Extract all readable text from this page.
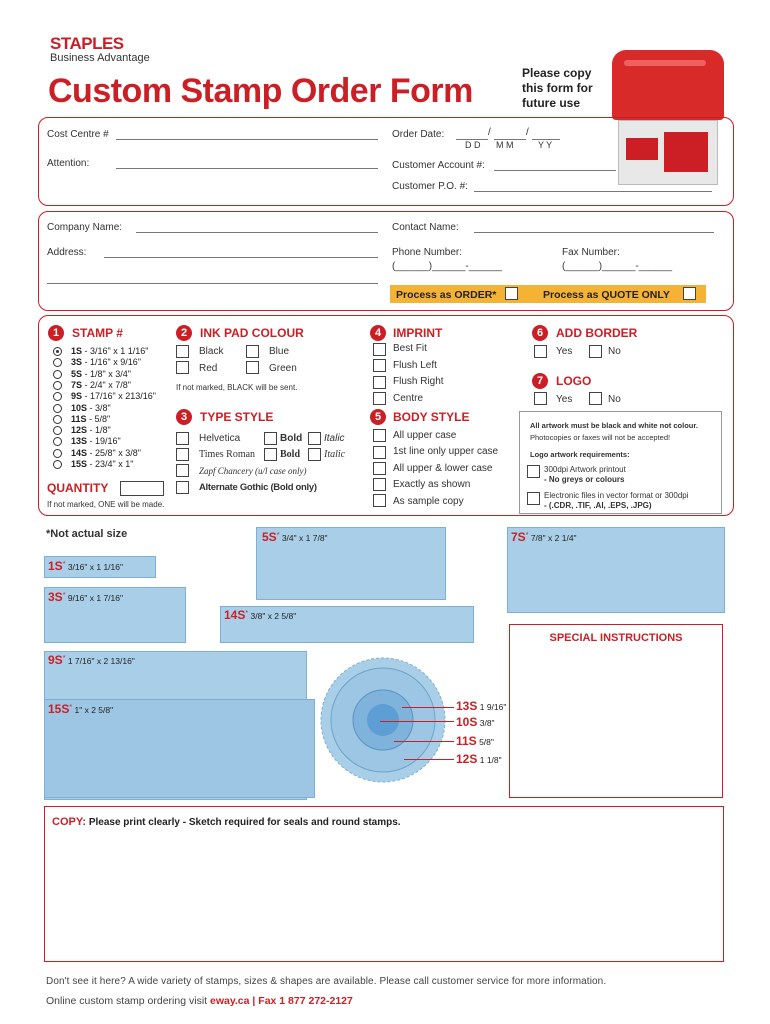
STAPLES
Business Advantage
Custom Stamp Order Form	Please copy this form for future use
Cost Centre #
Attention:
Order Date:	/	/
D D M M	Y Y
Customer Account #:
Customer P.O. #:
Company Name:
Address:
Contact Name:
Phone Number:
(______)______-______
Fax Number:
(______)______-______
Process as ORDER*	Process as QUOTE ONLY
1	STAMP #
1S - 3/16" x 1 1/16"
3S - 1/16" x 9/16"
5S - 1/8" x 3/4"
7S - 2/4" x 7/8"
9S - 17/16" x 213/16"
10S - 3/8"
11S - 5/8"
12S - 1/8"
13S - 19/16"
14S - 25/8" x 3/8"
15S - 23/4" x 1"
QUANTITY
If not marked, ONE will be made.
2	INK PAD COLOUR
Black	Blue
Red	Green
If not marked, BLACK will be sent.
3	TYPE STYLE
Helvetica	Bold Italic
Times Roman Bold Italic
Zapf Chancery (u/l case only)
Alternate Gothic (Bold only)
4 IMPRINT
Best Fit
Flush Left
Flush Right
Centre
5 BODY STYLE
All upper case
1st line only upper case
All upper & lower case
Exactly as shown
As sample copy
6	ADD BORDER
Yes	No
7	LOGO
Yes	No
All artwork must be black and white not colour.
Photocopies or faxes will not be accepted!
Logo artwork requirements:
300dpi Artwork printout
- No greys or colours
Electronic files in vector format or 300dpi
- (.CDR, .TIF, .AI, .EPS, .JPG)
*Not actual size	5S* 3/4" x 1 7/8"	7S* 7/8" x 2 1/4"
1S* 3/16" x 1 1/16"
3S* 9/16" x 1 7/16"
14S* 3/8" x 2 5/8"
9S* 1 7/16" x 2 13/16"
15S* 1" x 2 5/8"	13S 1 9/16"
10S 3/8"
11S 5/8"
12S 1 1/8"
SPECIAL INSTRUCTIONS
COPY: Please print clearly - Sketch required for seals and round stamps.
Don't see it here? A wide variety of stamps, sizes & shapes are available. Please call customer service for more information.
Online custom stamp ordering visit eway.ca | Fax 1 877 272-2127
